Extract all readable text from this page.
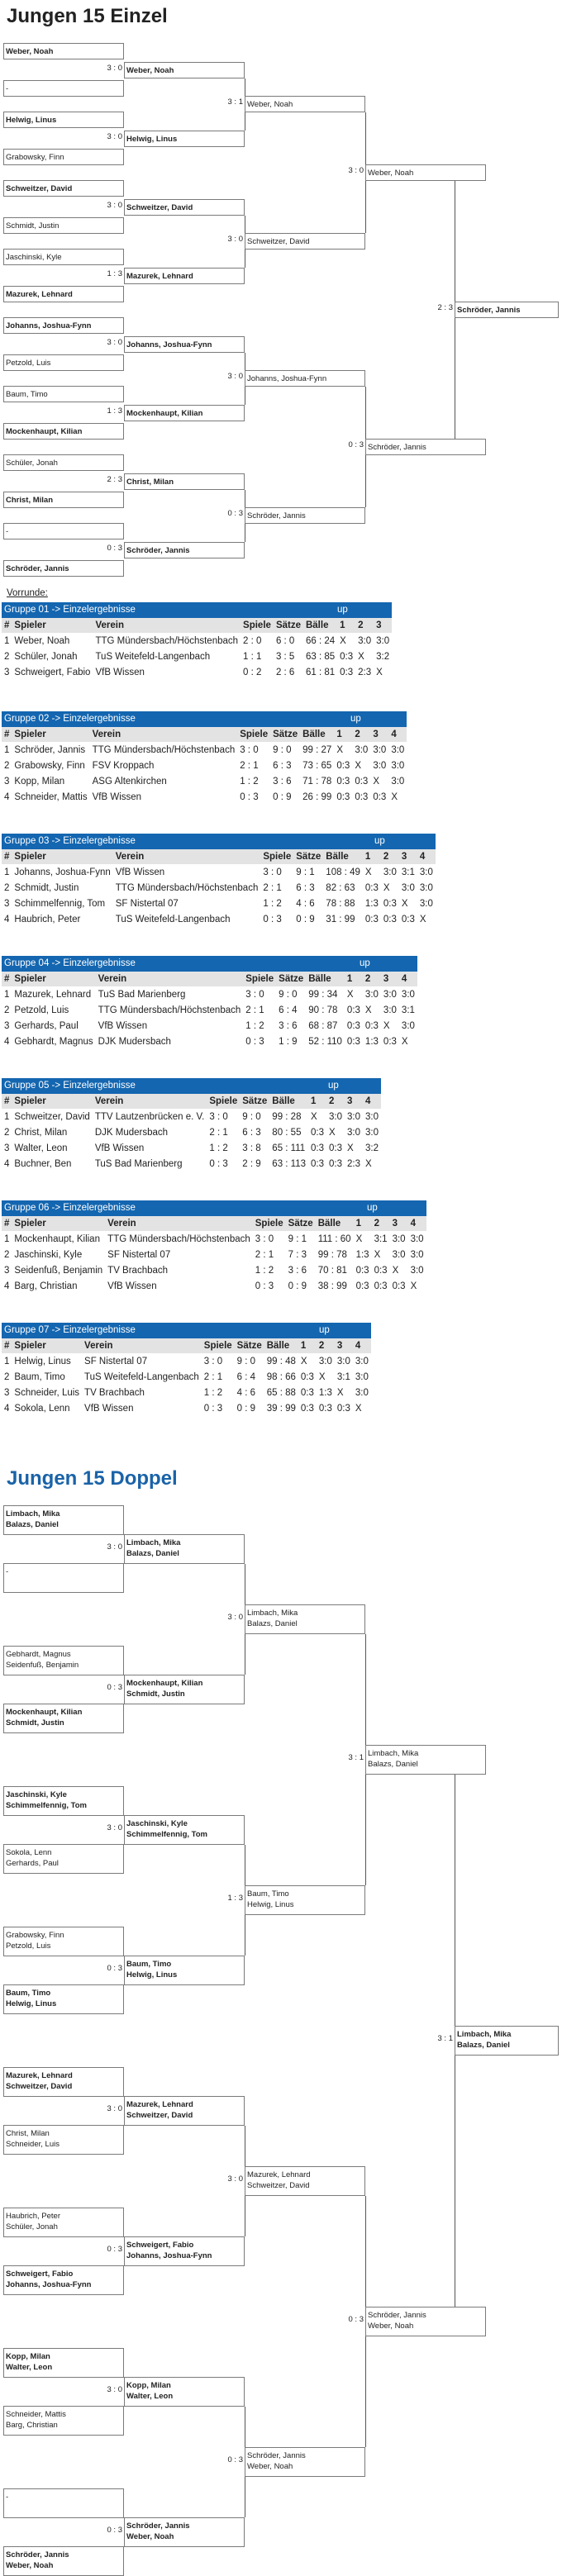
Jungen 15 Einzel
Weber, Noah
-
Weber, Noah
3 : 0
Helwig, Linus
Grabowsky, Finn
Helwig, Linus
3 : 0
Schweitzer, David
Schmidt, Justin
Schweitzer, David
3 : 0
Jaschinski, Kyle
Mazurek, Lehnard
Mazurek, Lehnard
1 : 3
Johanns, Joshua-Fynn
Petzold, Luis
Johanns, Joshua-Fynn
3 : 0
Baum, Timo
Mockenhaupt, Kilian
Mockenhaupt, Kilian
1 : 3
Schüler, Jonah
Christ, Milan
Christ, Milan
2 : 3
-
Schröder, Jannis
Schröder, Jannis
0 : 3
Weber, Noah
3 : 1
Schweitzer, David
3 : 0
Johanns, Joshua-Fynn
3 : 0
Schröder, Jannis
0 : 3
Weber, Noah
3 : 0
Schröder, Jannis
0 : 3
Schröder, Jannis
2 : 3
Vorrunde:
Gruppe 01 -> Einzelergebnisse	up
#	Spieler	Verein	Spiele	Sätze	Bälle	1	2	3
1	Weber, Noah	TTG Mündersbach/Höchstenbach	2 : 0	6 : 0	66 : 24	X	3:0	3:0
2	Schüler, Jonah	TuS Weitefeld-Langenbach	1 : 1	3 : 5	63 : 85	0:3	X	3:2
3	Schweigert, Fabio	VfB Wissen	0 : 2	2 : 6	61 : 81	0:3	2:3	X
Gruppe 02 -> Einzelergebnisse	up
#	Spieler	Verein	Spiele	Sätze	Bälle	1	2	3	4
1	Schröder, Jannis	TTG Mündersbach/Höchstenbach	3 : 0	9 : 0	99 : 27	X	3:0	3:0	3:0
2	Grabowsky, Finn	FSV Kroppach	2 : 1	6 : 3	73 : 65	0:3	X	3:0	3:0
3	Kopp, Milan	ASG Altenkirchen	1 : 2	3 : 6	71 : 78	0:3	0:3	X	3:0
4	Schneider, Mattis	VfB Wissen	0 : 3	0 : 9	26 : 99	0:3	0:3	0:3	X
Gruppe 03 -> Einzelergebnisse	up
#	Spieler	Verein	Spiele	Sätze	Bälle	1	2	3	4
1	Johanns, Joshua-Fynn	VfB Wissen	3 : 0	9 : 1	108 : 49	X	3:0	3:1	3:0
2	Schmidt, Justin	TTG Mündersbach/Höchstenbach	2 : 1	6 : 3	82 : 63	0:3	X	3:0	3:0
3	Schimmelfennig, Tom	SF Nistertal 07	1 : 2	4 : 6	78 : 88	1:3	0:3	X	3:0
4	Haubrich, Peter	TuS Weitefeld-Langenbach	0 : 3	0 : 9	31 : 99	0:3	0:3	0:3	X
Gruppe 04 -> Einzelergebnisse	up
#	Spieler	Verein	Spiele	Sätze	Bälle	1	2	3	4
1	Mazurek, Lehnard	TuS Bad Marienberg	3 : 0	9 : 0	99 : 34	X	3:0	3:0	3:0
2	Petzold, Luis	TTG Mündersbach/Höchstenbach	2 : 1	6 : 4	90 : 78	0:3	X	3:0	3:1
3	Gerhards, Paul	VfB Wissen	1 : 2	3 : 6	68 : 87	0:3	0:3	X	3:0
4	Gebhardt, Magnus	DJK Mudersbach	0 : 3	1 : 9	52 : 110	0:3	1:3	0:3	X
Gruppe 05 -> Einzelergebnisse	up
#	Spieler	Verein	Spiele	Sätze	Bälle	1	2	3	4
1	Schweitzer, David	TTV Lautzenbrücken e. V.	3 : 0	9 : 0	99 : 28	X	3:0	3:0	3:0
2	Christ, Milan	DJK Mudersbach	2 : 1	6 : 3	80 : 55	0:3	X	3:0	3:0
3	Walter, Leon	VfB Wissen	1 : 2	3 : 8	65 : 111	0:3	0:3	X	3:2
4	Buchner, Ben	TuS Bad Marienberg	0 : 3	2 : 9	63 : 113	0:3	0:3	2:3	X
Gruppe 06 -> Einzelergebnisse	up
#	Spieler	Verein	Spiele	Sätze	Bälle	1	2	3	4
1	Mockenhaupt, Kilian	TTG Mündersbach/Höchstenbach	3 : 0	9 : 1	111 : 60	X	3:1	3:0	3:0
2	Jaschinski, Kyle	SF Nistertal 07	2 : 1	7 : 3	99 : 78	1:3	X	3:0	3:0
3	Seidenfuß, Benjamin	TV Brachbach	1 : 2	3 : 6	70 : 81	0:3	0:3	X	3:0
4	Barg, Christian	VfB Wissen	0 : 3	0 : 9	38 : 99	0:3	0:3	0:3	X
Gruppe 07 -> Einzelergebnisse	up
#	Spieler	Verein	Spiele	Sätze	Bälle	1	2	3	4
1	Helwig, Linus	SF Nistertal 07	3 : 0	9 : 0	99 : 48	X	3:0	3:0	3:0
2	Baum, Timo	TuS Weitefeld-Langenbach	2 : 1	6 : 4	98 : 66	0:3	X	3:1	3:0
3	Schneider, Luis	TV Brachbach	1 : 2	4 : 6	65 : 88	0:3	1:3	X	3:0
4	Sokola, Lenn	VfB Wissen	0 : 3	0 : 9	39 : 99	0:3	0:3	0:3	X
Jungen 15 Doppel
Limbach, Mika
Balazs, Daniel
-
Limbach, Mika
Balazs, Daniel
3 : 0
Gebhardt, Magnus
Seidenfuß, Benjamin
Mockenhaupt, Kilian
Schmidt, Justin
Mockenhaupt, Kilian
Schmidt, Justin
0 : 3
Jaschinski, Kyle
Schimmelfennig, Tom
Sokola, Lenn
Gerhards, Paul
Jaschinski, Kyle
Schimmelfennig, Tom
3 : 0
Grabowsky, Finn
Petzold, Luis
Baum, Timo
Helwig, Linus
Baum, Timo
Helwig, Linus
0 : 3
Mazurek, Lehnard
Schweitzer, David
Christ, Milan
Schneider, Luis
Mazurek, Lehnard
Schweitzer, David
3 : 0
Haubrich, Peter
Schüler, Jonah
Schweigert, Fabio
Johanns, Joshua-Fynn
Schweigert, Fabio
Johanns, Joshua-Fynn
0 : 3
Kopp, Milan
Walter, Leon
Schneider, Mattis
Barg, Christian
Kopp, Milan
Walter, Leon
3 : 0
-
Schröder, Jannis
Weber, Noah
Schröder, Jannis
Weber, Noah
0 : 3
Limbach, Mika
Balazs, Daniel
3 : 0
Baum, Timo
Helwig, Linus
1 : 3
Mazurek, Lehnard
Schweitzer, David
3 : 0
Schröder, Jannis
Weber, Noah
0 : 3
Limbach, Mika
Balazs, Daniel
3 : 1
Schröder, Jannis
Weber, Noah
0 : 3
Limbach, Mika
Balazs, Daniel
3 : 1
